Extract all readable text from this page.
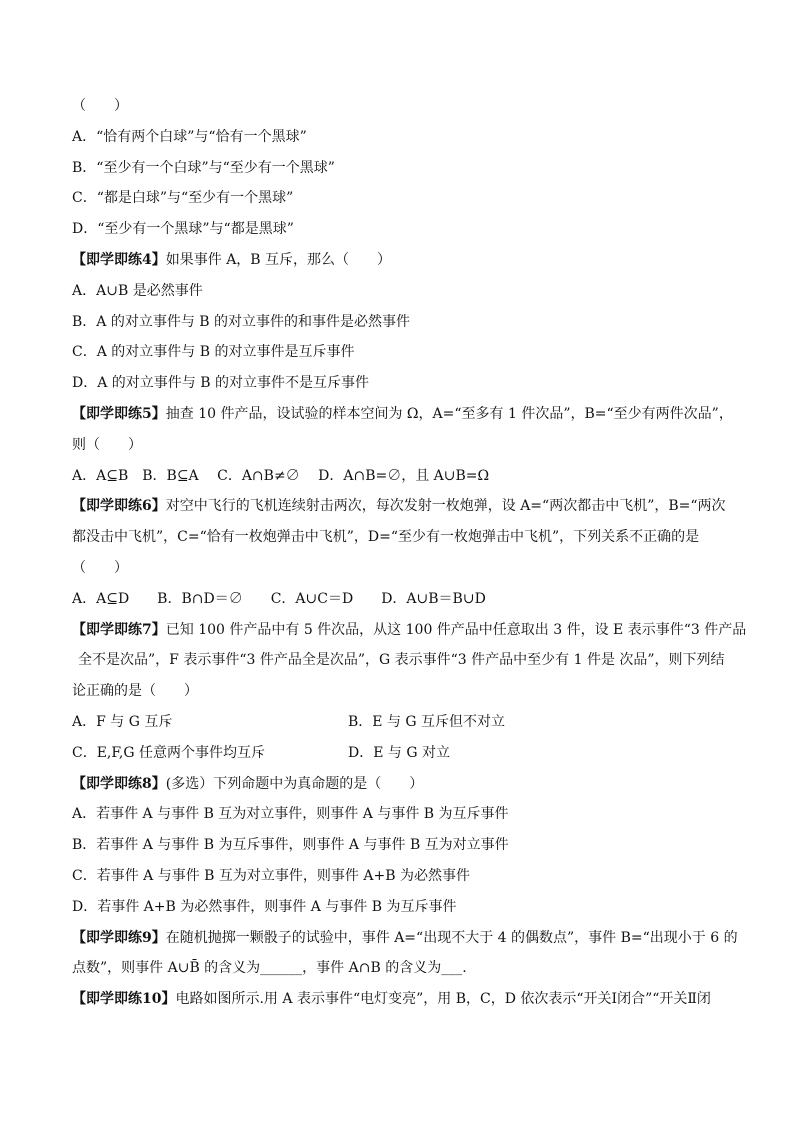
（　　）
A．“恰有两个白球”与“恰有一个黑球”
B．“至少有一个白球”与“至少有一个黑球”
C．“都是白球”与“至少有一个黑球”
D．“至少有一个黑球”与“都是黑球”
【即学即练4】如果事件 A，B 互斥，那么（　　）
A．A∪B 是必然事件
B．A 的对立事件与 B 的对立事件的和事件是必然事件
C．A 的对立事件与 B 的对立事件是互斥事件
D．A 的对立事件与 B 的对立事件不是互斥事件
【即学即练5】抽查 10 件产品，设试验的样本空间为 Ω，A=“至多有 1 件次品”，B=“至少有两件次品”，
则（　　）
A．A⊆B　B．B⊆A　 C．A∩B≠∅　 D．A∩B=∅，且 A∪B=Ω
【即学即练6】对空中飞行的飞机连续射击两次，每次发射一枚炮弹，设 A=“两次都击中飞机”，B=“两次
都没击中飞机”，C=“恰有一枚炮弹击中飞机”，D=“至少有一枚炮弹击中飞机”，下列关系不正确的是
（　　）
A．A⊆D　　B．B∩D＝∅　　C．A∪C＝D　　D．A∪B＝B∪D
【即学即练7】已知 100 件产品中有 5 件次品，从这 100 件产品中任意取出 3 件，设 E 表示事件“3 件产品
全不是次品”，F 表示事件“3 件产品全是次品”，G 表示事件“3 件产品中至少有 1 件是 次品”，则下列结
论正确的是（　　）
A．F 与 G 互斥	B．E 与 G 互斥但不对立
C．E,F,G 任意两个事件均互斥	D．E 与 G 对立
【即学即练8】(多选）下列命题中为真命题的是（　　）
A．若事件 A 与事件 B 互为对立事件，则事件 A 与事件 B 为互斥事件
B．若事件 A 与事件 B 为互斥事件，则事件 A 与事件 B 互为对立事件
C．若事件 A 与事件 B 互为对立事件，则事件 A+B 为必然事件
D．若事件 A+B 为必然事件，则事件 A 与事件 B 为互斥事件
【即学即练9】在随机抛掷一颗骰子的试验中，事件 A=“出现不大于 4 的偶数点”，事件 B=“出现小于 6 的
点数”，则事件 A∪B̄ 的含义为______，事件 A∩B 的含义为___.
【即学即练10】电路如图所示.用 A 表示事件“电灯变亮”，用 B，C，D 依次表示“开关Ⅰ闭合”“开关Ⅱ闭
